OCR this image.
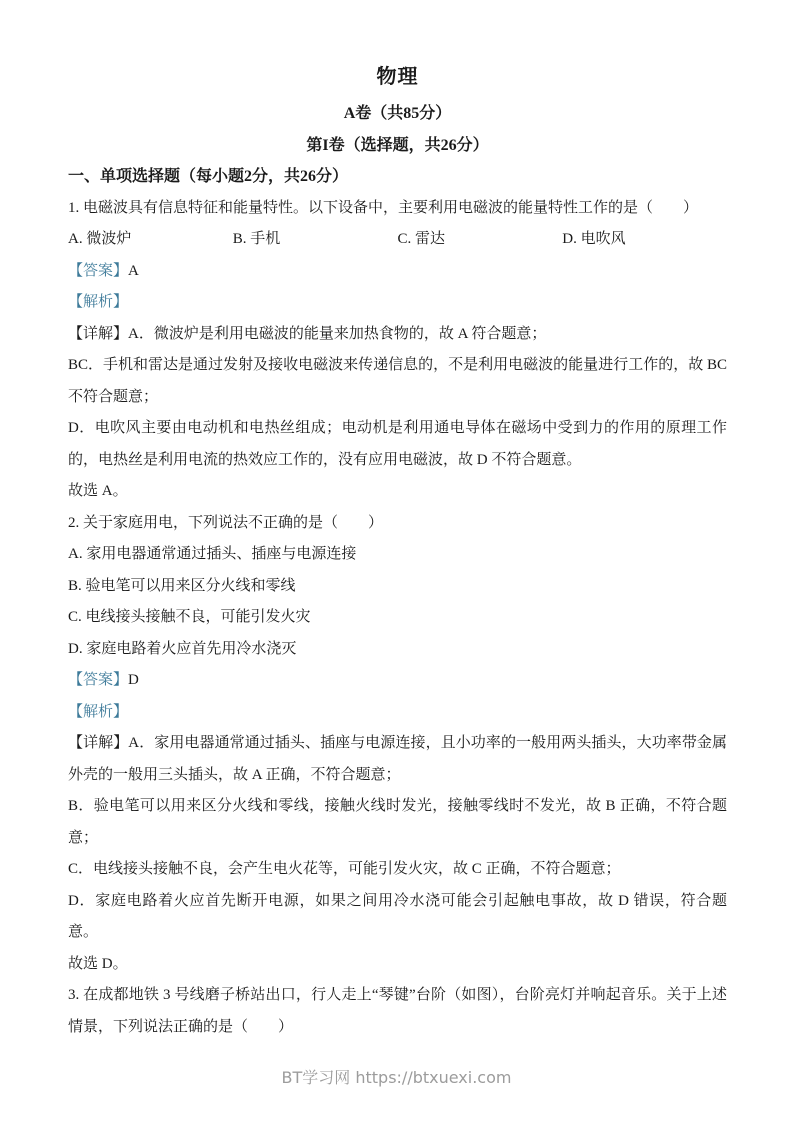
物理
A卷（共85分）
第I卷（选择题，共26分）
一、单项选择题（每小题2分，共26分）

1. 电磁波具有信息特征和能量特性。以下设备中，主要利用电磁波的能量特性工作的是（　　）

A. 微波炉	B. 手机	C. 雷达	D. 电吹风

【答案】A

【解析】

【详解】A．微波炉是利用电磁波的能量来加热食物的，故 A 符合题意；

BC．手机和雷达是通过发射及接收电磁波来传递信息的，不是利用电磁波的能量进行工作的，故 BC 不符合题意；

D．电吹风主要由电动机和电热丝组成；电动机是利用通电导体在磁场中受到力的作用的原理工作的，电热丝是利用电流的热效应工作的，没有应用电磁波，故 D 不符合题意。

故选 A。

2. 关于家庭用电，下列说法不正确的是（　　）

A. 家用电器通常通过插头、插座与电源连接
B. 验电笔可以用来区分火线和零线
C. 电线接头接触不良，可能引发火灾
D. 家庭电路着火应首先用冷水浇灭

【答案】D

【解析】

【详解】A．家用电器通常通过插头、插座与电源连接，且小功率的一般用两头插头，大功率带金属外壳的一般用三头插头，故 A 正确，不符合题意；

B．验电笔可以用来区分火线和零线，接触火线时发光，接触零线时不发光，故 B 正确，不符合题意；

C．电线接头接触不良，会产生电火花等，可能引发火灾，故 C 正确，不符合题意；

D．家庭电路着火应首先断开电源，如果之间用冷水浇可能会引起触电事故，故 D 错误，符合题意。

故选 D。

3. 在成都地铁 3 号线磨子桥站出口，行人走上“琴键”台阶（如图），台阶亮灯并响起音乐。关于上述情景，下列说法正确的是（　　）

BT学习网 https://btxuexi.com
